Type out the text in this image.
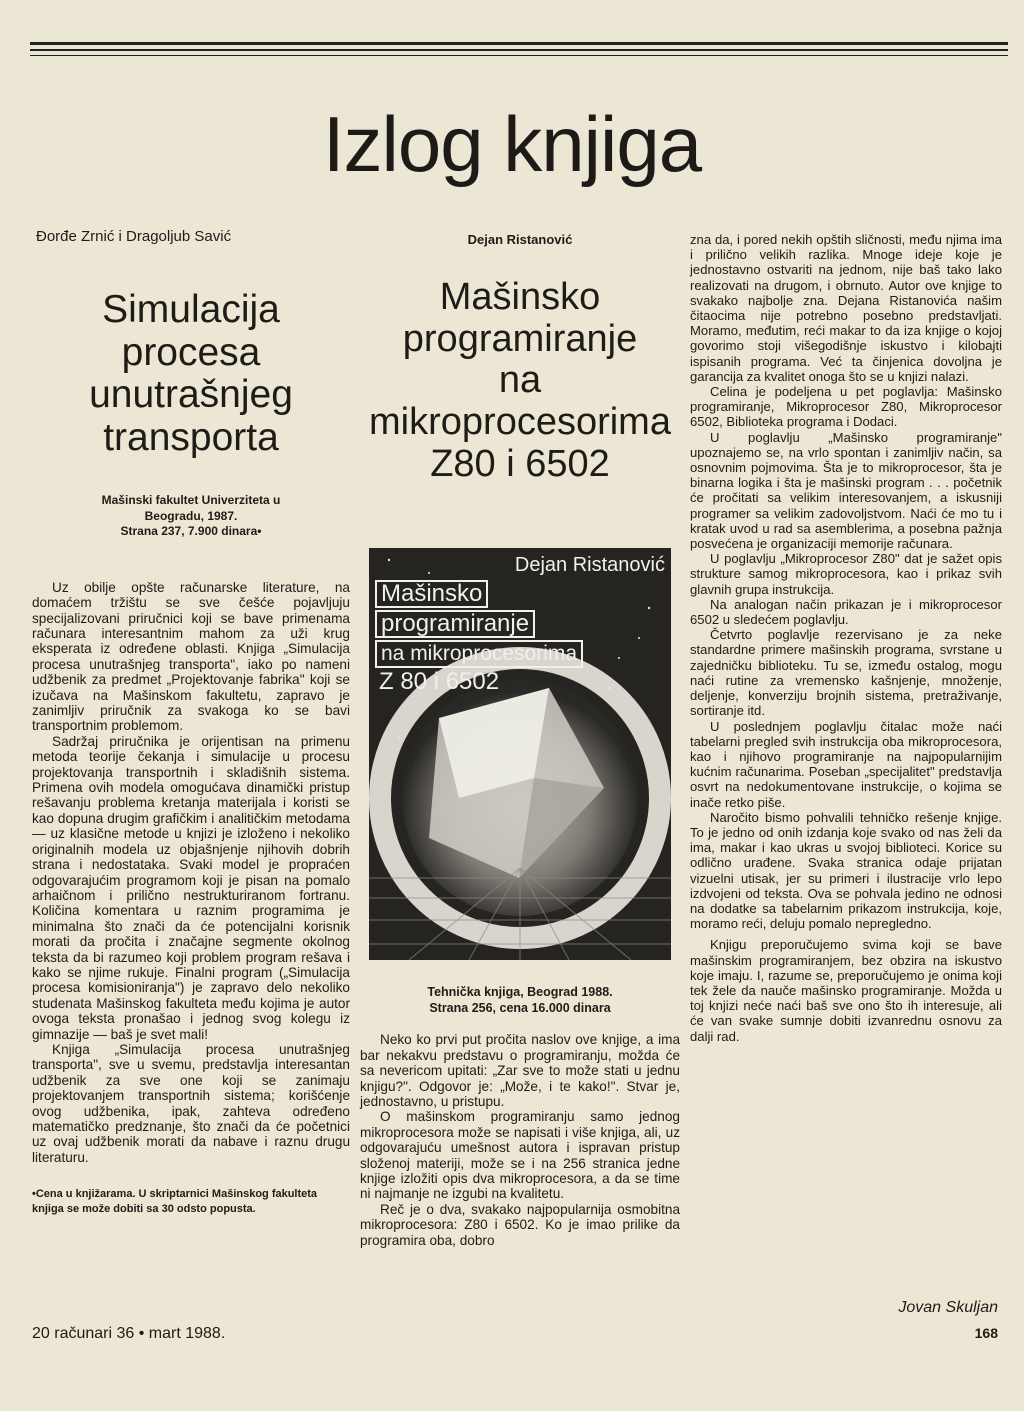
Izlog knjiga

Đorđe Zrnić i Dragoljub Savić

Simulacija
procesa
unutrašnjeg
transporta
Mašinski fakultet Univerziteta u
Beogradu, 1987.
Strana 237, 7.900 dinara•

Uz obilje opšte računarske literature, na domaćem tržištu se sve češće pojavljuju specijalizovani priručnici koji se bave primenama računara interesantnim mahom za uži krug eksperata iz određene oblasti. Knjiga „Simulacija procesa unutrašnjeg transporta", iako po nameni udžbenik za predmet „Projektovanje fabrika" koji se izučava na Mašinskom fakultetu, zapravo je zanimljiv priručnik za svakoga ko se bavi transportnim problemom.

Sadržaj priručnika je orijentisan na primenu metoda teorije čekanja i simulacije u procesu projektovanja transportnih i skladišnih sistema. Primena ovih modela omogućava dinamički pristup rešavanju problema kretanja materijala i koristi se kao dopuna drugim grafičkim i analitičkim metodama — uz klasične metode u knjizi je izloženo i nekoliko originalnih modela uz objašnjenje njihovih dobrih strana i nedostataka. Svaki model je propraćen odgovarajućim programom koji je pisan na pomalo arhaičnom i prilično nestrukturiranom fortranu. Količina komentara u raznim programima je minimalna što znači da će potencijalni korisnik morati da pročita i značajne segmente okolnog teksta da bi razumeo koji problem program rešava i kako se njime rukuje. Finalni program („Simulacija procesa komisioniranja") je zapravo delo nekoliko studenata Mašinskog fakulteta među kojima je autor ovoga teksta pronašao i jednog svog kolegu iz gimnazije — baš je svet mali!

Knjiga „Simulacija procesa unutrašnjeg transporta", sve u svemu, predstavlja interesantan udžbenik za sve one koji se zanimaju projektovanjem transportnih sistema; korišćenje ovog udžbenika, ipak, zahteva određeno matematičko predznanje, što znači da će početnici uz ovaj udžbenik morati da nabave i raznu drugu literaturu.

•Cena u knjižarama. U skriptarnici Mašinskog fakulteta knjiga se može dobiti sa 30 odsto popusta.

Dejan Ristanović

Mašinsko
programiranje
na
mikroprocesorima
Z80 i 6502
Dejan Ristanović
Mašinsko
programiranje
na mikroprocesorima
Z 80 i 6502
Tehnička knjiga, Beograd 1988.
Strana 256, cena 16.000 dinara

Neko ko prvi put pročita naslov ove knjige, a ima bar nekakvu predstavu o programiranju, možda će sa nevericom upitati: „Zar sve to može stati u jednu knjigu?". Odgovor je: „Može, i te kako!". Stvar je, jednostavno, u pristupu.

O mašinskom programiranju samo jednog mikroprocesora može se napisati i više knjiga, ali, uz odgovarajuću umešnost autora i ispravan pristup složenoj materiji, može se i na 256 stranica jedne knjige izložiti opis dva mikroprocesora, a da se time ni najmanje ne izgubi na kvalitetu.

Reč je o dva, svakako najpopularnija osmobitna mikroprocesora: Z80 i 6502. Ko je imao prilike da programira oba, dobro

zna da, i pored nekih opštih sličnosti, među njima ima i prilično velikih razlika. Mnoge ideje koje je jednostavno ostvariti na jednom, nije baš tako lako realizovati na drugom, i obrnuto. Autor ove knjige to svakako najbolje zna. Dejana Ristanovića našim čitaocima nije potrebno posebno predstavljati. Moramo, međutim, reći makar to da iza knjige o kojoj govorimo stoji višegodišnje iskustvo i kilobajti ispisanih programa. Već ta činjenica dovoljna je garancija za kvalitet onoga što se u knjizi nalazi.

Celina je podeljena u pet poglavlja: Mašinsko programiranje, Mikroprocesor Z80, Mikroprocesor 6502, Biblioteka programa i Dodaci.

U poglavlju „Mašinsko programiranje" upoznajemo se, na vrlo spontan i zanimljiv način, sa osnovnim pojmovima. Šta je to mikroprocesor, šta je binarna logika i šta je mašinski program . . . početnik će pročitati sa velikim interesovanjem, a iskusniji programer sa velikim zadovoljstvom. Naći će mo tu i kratak uvod u rad sa asemblerima, a posebna pažnja posvećena je organizaciji memorije računara.

U poglavlju „Mikroprocesor Z80" dat je sažet opis strukture samog mikroprocesora, kao i prikaz svih glavnih grupa instrukcija.

Na analogan način prikazan je i mikroprocesor 6502 u sledećem poglavlju.

Četvrto poglavlje rezervisano je za neke standardne primere mašinskih programa, svrstane u zajedničku biblioteku. Tu se, između ostalog, mogu naći rutine za vremensko kašnjenje, množenje, deljenje, konverziju brojnih sistema, pretraživanje, sortiranje itd.

U poslednjem poglavlju čitalac može naći tabelarni pregled svih instrukcija oba mikroprocesora, kao i njihovo programiranje na najpopularnijim kućnim računarima. Poseban „specijalitet" predstavlja osvrt na nedokumentovane instrukcije, o kojima se inače retko piše.

Naročito bismo pohvalili tehničko rešenje knjige. To je jedno od onih izdanja koje svako od nas želi da ima, makar i kao ukras u svojoj biblioteci. Korice su odlično urađene. Svaka stranica odaje prijatan vizuelni utisak, jer su primeri i ilustracije vrlo lepo izdvojeni od teksta. Ova se pohvala jedino ne odnosi na dodatke sa tabelarnim prikazom instrukcija, koje, moramo reći, deluju pomalo nepregledno.

Knjigu preporučujemo svima koji se bave mašinskim programiranjem, bez obzira na iskustvo koje imaju. I, razume se, preporučujemo je onima koji tek žele da nauče mašinsko programiranje. Možda u toj knjizi neće naći baš sve ono što ih interesuje, ali će van svake sumnje dobiti izvanrednu osnovu za dalji rad.

Jovan Skuljan
20 računari 36 • mart 1988.	168
